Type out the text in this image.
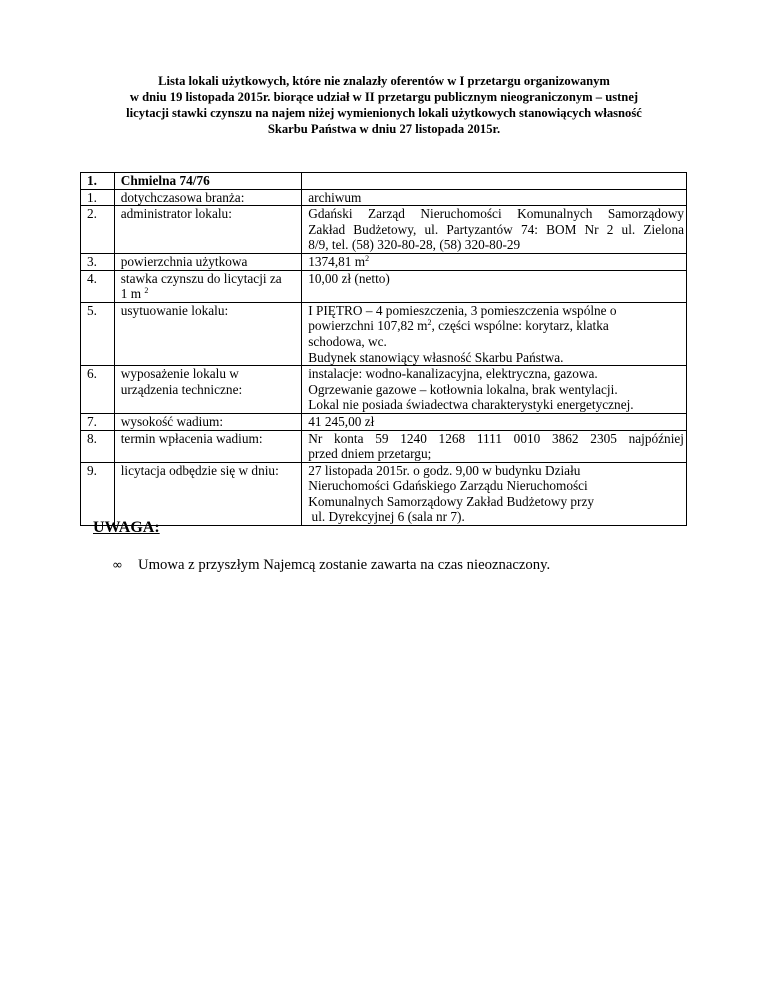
Lista lokali użytkowych, które nie znalazły oferentów w I przetargu organizowanym
w dniu 19 listopada 2015r. biorące udział w II przetargu publicznym nieograniczonym – ustnej
licytacji stawki czynszu na najem niżej wymienionych lokali użytkowych stanowiących własność
Skarbu Państwa w dniu 27 listopada 2015r.
1.	Chmielna 74/76	
1.	dotychczasowa branża:	archiwum

2.	administrator lokalu:	Gdański Zarząd Nieruchomości Komunalnych Samorządowy
Zakład Budżetowy, ul. Partyzantów 74: BOM Nr 2 ul. Zielona
8/9, tel. (58) 320-80-28, (58) 320-80-29

3.	powierzchnia użytkowa	1374,81 $m^2$

4.	stawka czynszu do licytacji za
1 m $^2$	10,00 zł (netto)

5.	usytuowanie lokalu:	I PIĘTRO – 4 pomieszczenia, 3 pomieszczenia wspólne o
powierzchni 107,82 $m^2$, części wspólne: korytarz, klatka
schodowa, wc.
Budynek stanowiący własność Skarbu Państwa.

6.	wyposażenie lokalu w
urządzenia techniczne:	instalacje: wodno-kanalizacyjna, elektryczna, gazowa.
Ogrzewanie gazowe – kotłownia lokalna, brak wentylacji.
Lokal nie posiada świadectwa charakterystyki energetycznej.

7.	wysokość wadium:	41 245,00 zł

8.	termin wpłacenia wadium:	Nr konta 59 1240 1268 1111 0010 3862 2305 najpóźniej
przed dniem przetargu;

9.	licytacja odbędzie się w dniu:	27 listopada 2015r. o godz. 9,00 w budynku Działu
Nieruchomości Gdańskiego Zarządu Nieruchomości
Komunalnych Samorządowy Zakład Budżetowy przy
ul. Dyrekcyjnej 6 (sala nr 7).
UWAGA:
∞	Umowa z przyszłym Najemcą zostanie zawarta na czas nieoznaczony.
